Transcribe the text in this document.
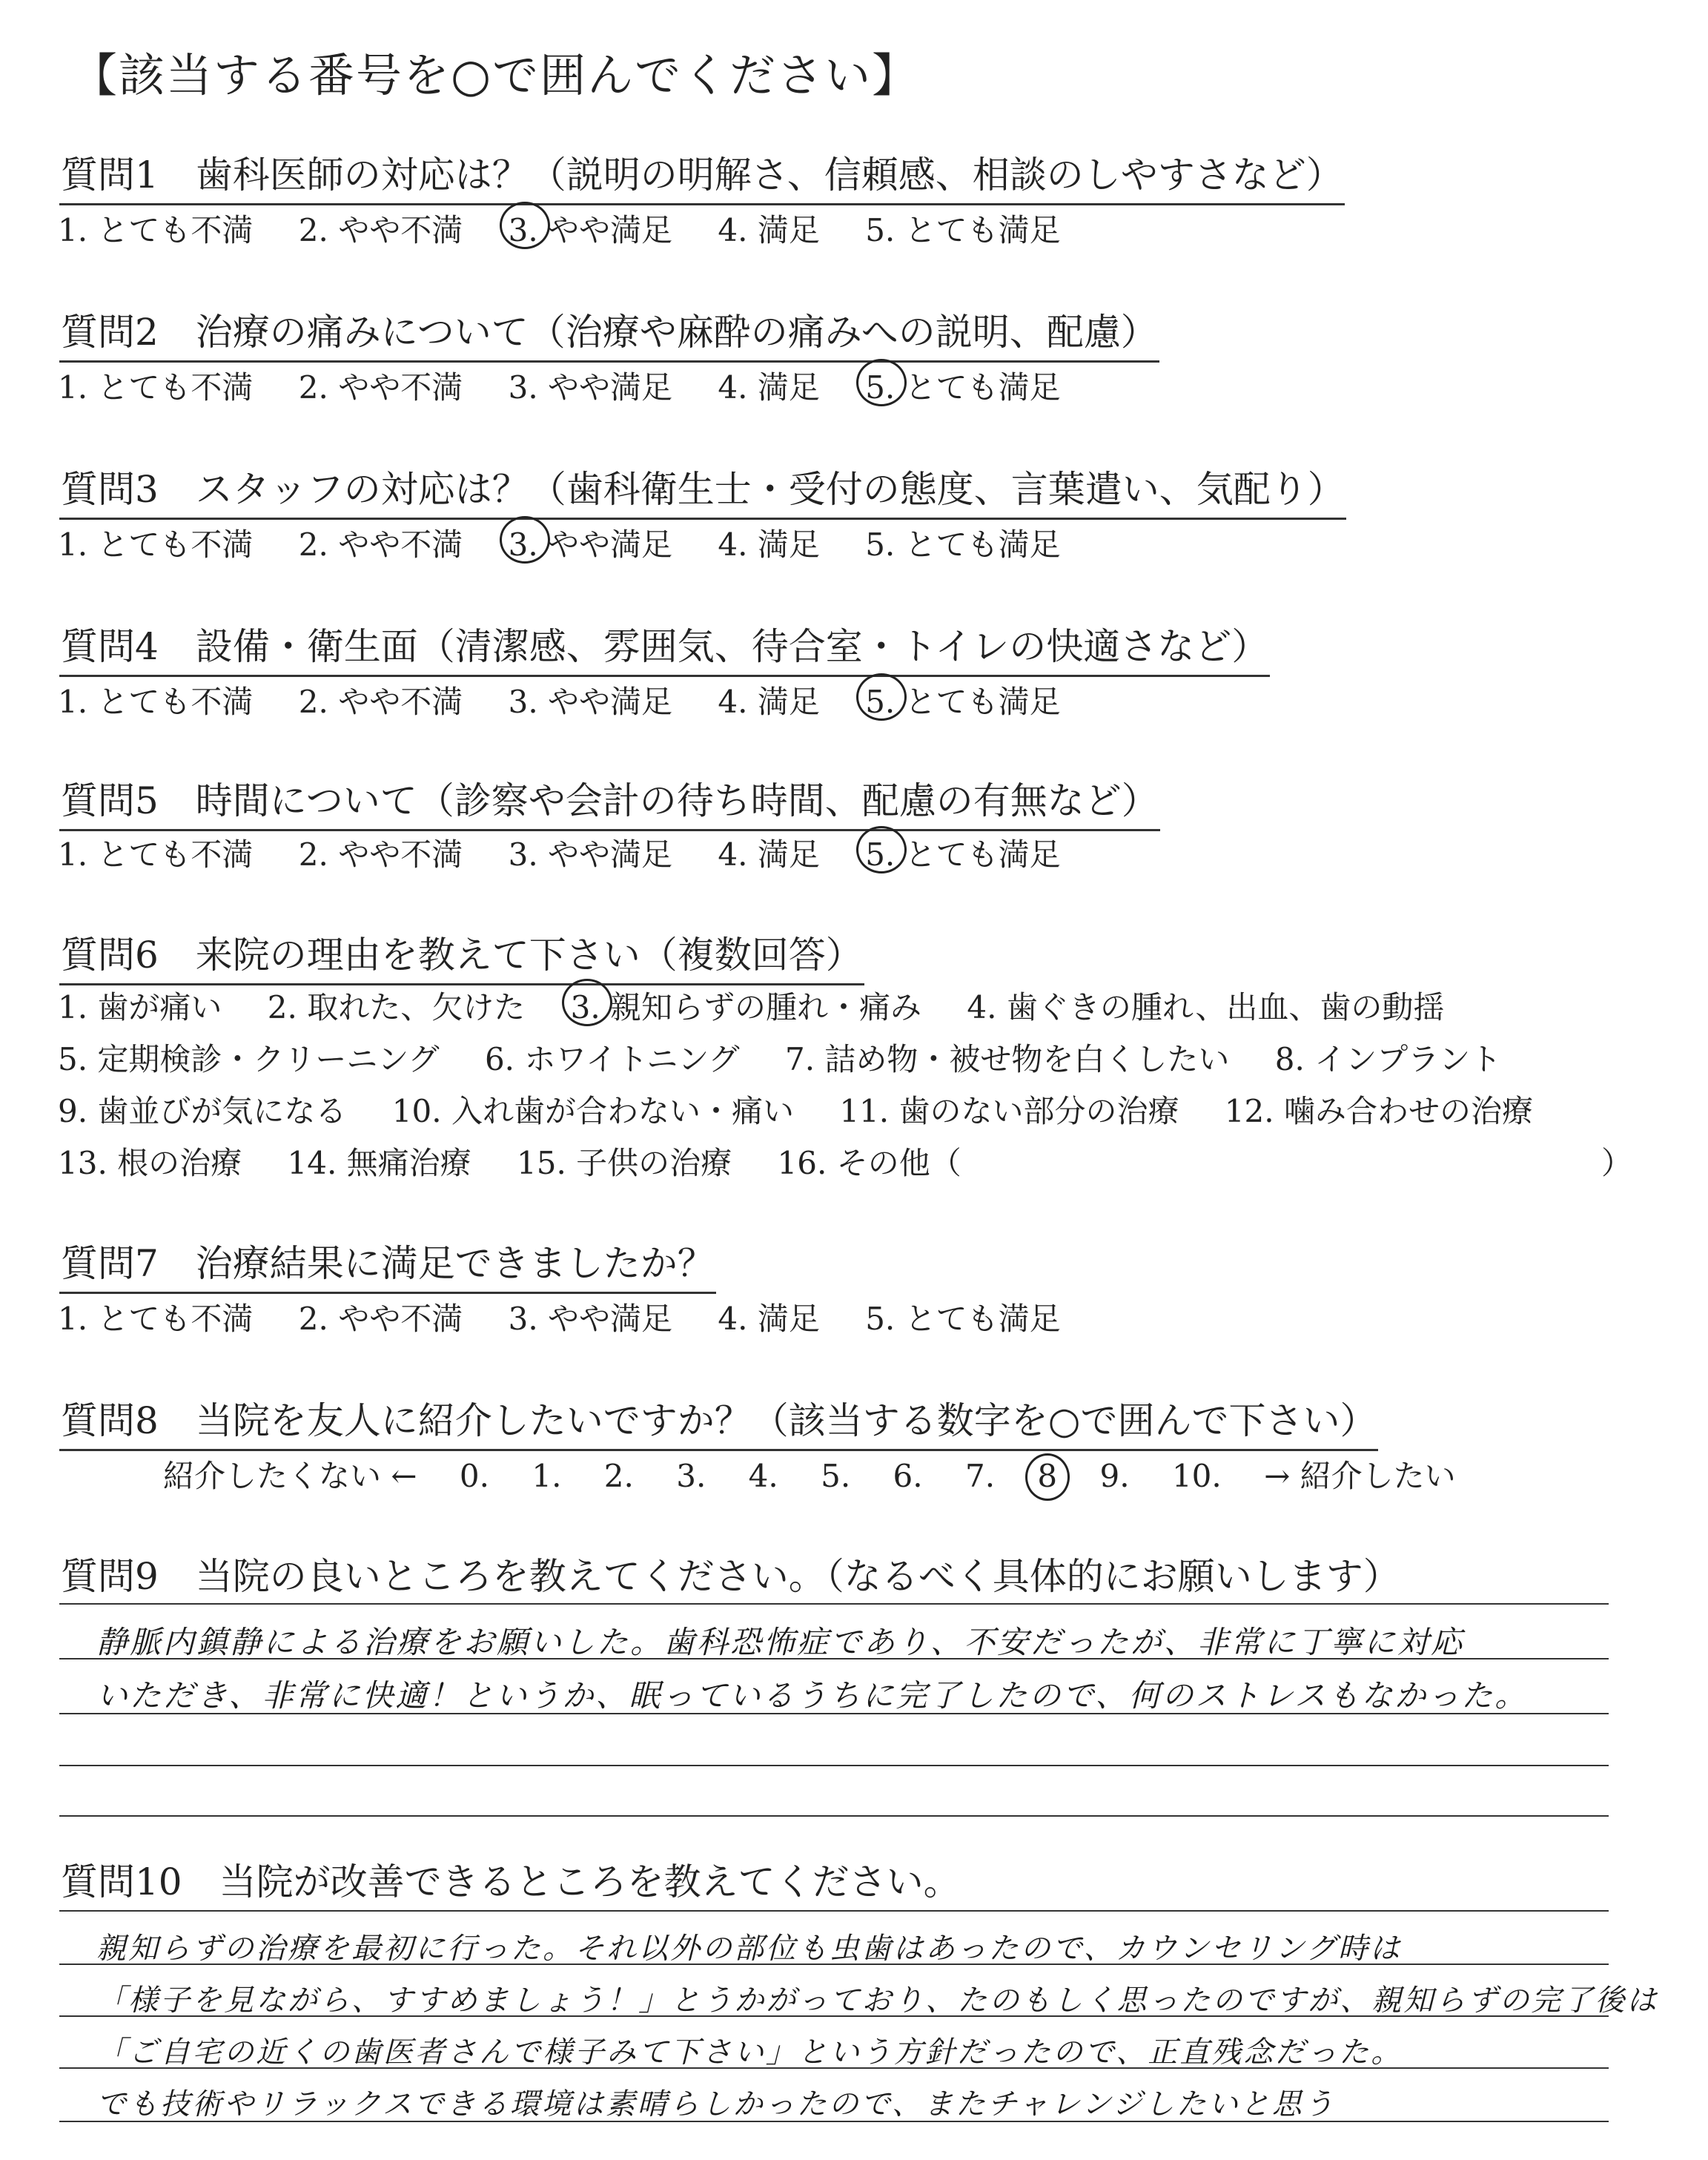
【該当する番号を○で囲んでください】
質問1　歯科医師の対応は？（説明の明解さ、信頼感、相談のしやすさなど）
1. とても不満 2. やや不満 3. やや満足 4. 満足 5. とても満足
質問2　治療の痛みについて（治療や麻酔の痛みへの説明、配慮）
1. とても不満 2. やや不満 3. やや満足 4. 満足 5. とても満足
質問3　スタッフの対応は？（歯科衛生士・受付の態度、言葉遣い、気配り）
1. とても不満 2. やや不満 3. やや満足 4. 満足 5. とても満足
質問4　設備・衛生面（清潔感、雰囲気、待合室・トイレの快適さなど）
1. とても不満 2. やや不満 3. やや満足 4. 満足 5. とても満足
質問5　時間について（診察や会計の待ち時間、配慮の有無など）
1. とても不満 2. やや不満 3. やや満足 4. 満足 5. とても満足
質問6　来院の理由を教えて下さい（複数回答）
1. 歯が痛い 2. 取れた、欠けた 3. 親知らずの腫れ・痛み 4. 歯ぐきの腫れ、出血、歯の動揺
5. 定期検診・クリーニング 6. ホワイトニング 7. 詰め物・被せ物を白くしたい 8. インプラント
9. 歯並びが気になる 10. 入れ歯が合わない・痛い 11. 歯のない部分の治療 12. 噛み合わせの治療
13. 根の治療 14. 無痛治療 15. 子供の治療 16. その他（	）
質問7　治療結果に満足できましたか？
1. とても不満 2. やや不満 3. やや満足 4. 満足 5. とても満足
質問8　当院を友人に紹介したいですか？（該当する数字を○で囲んで下さい）
紹介したくない ← 0. 1. 2. 3. 4. 5. 6. 7. 8 9. 10. → 紹介したい
質問9　当院の良いところを教えてください。（なるべく具体的にお願いします）
静脈内鎮静による治療をお願いした。歯科恐怖症であり、不安だったが、非常に丁寧に対応
いただき、非常に快適！というか、眠っているうちに完了したので、何のストレスもなかった。
質問10　当院が改善できるところを教えてください。
親知らずの治療を最初に行った。それ以外の部位も虫歯はあったので、カウンセリング時は
「様子を見ながら、すすめましょう！」とうかがっており、たのもしく思ったのですが、親知らずの完了後は
「ご自宅の近くの歯医者さんで様子みて下さい」という方針だったので、正直残念だった。
でも技術やリラックスできる環境は素晴らしかったので、またチャレンジしたいと思う
